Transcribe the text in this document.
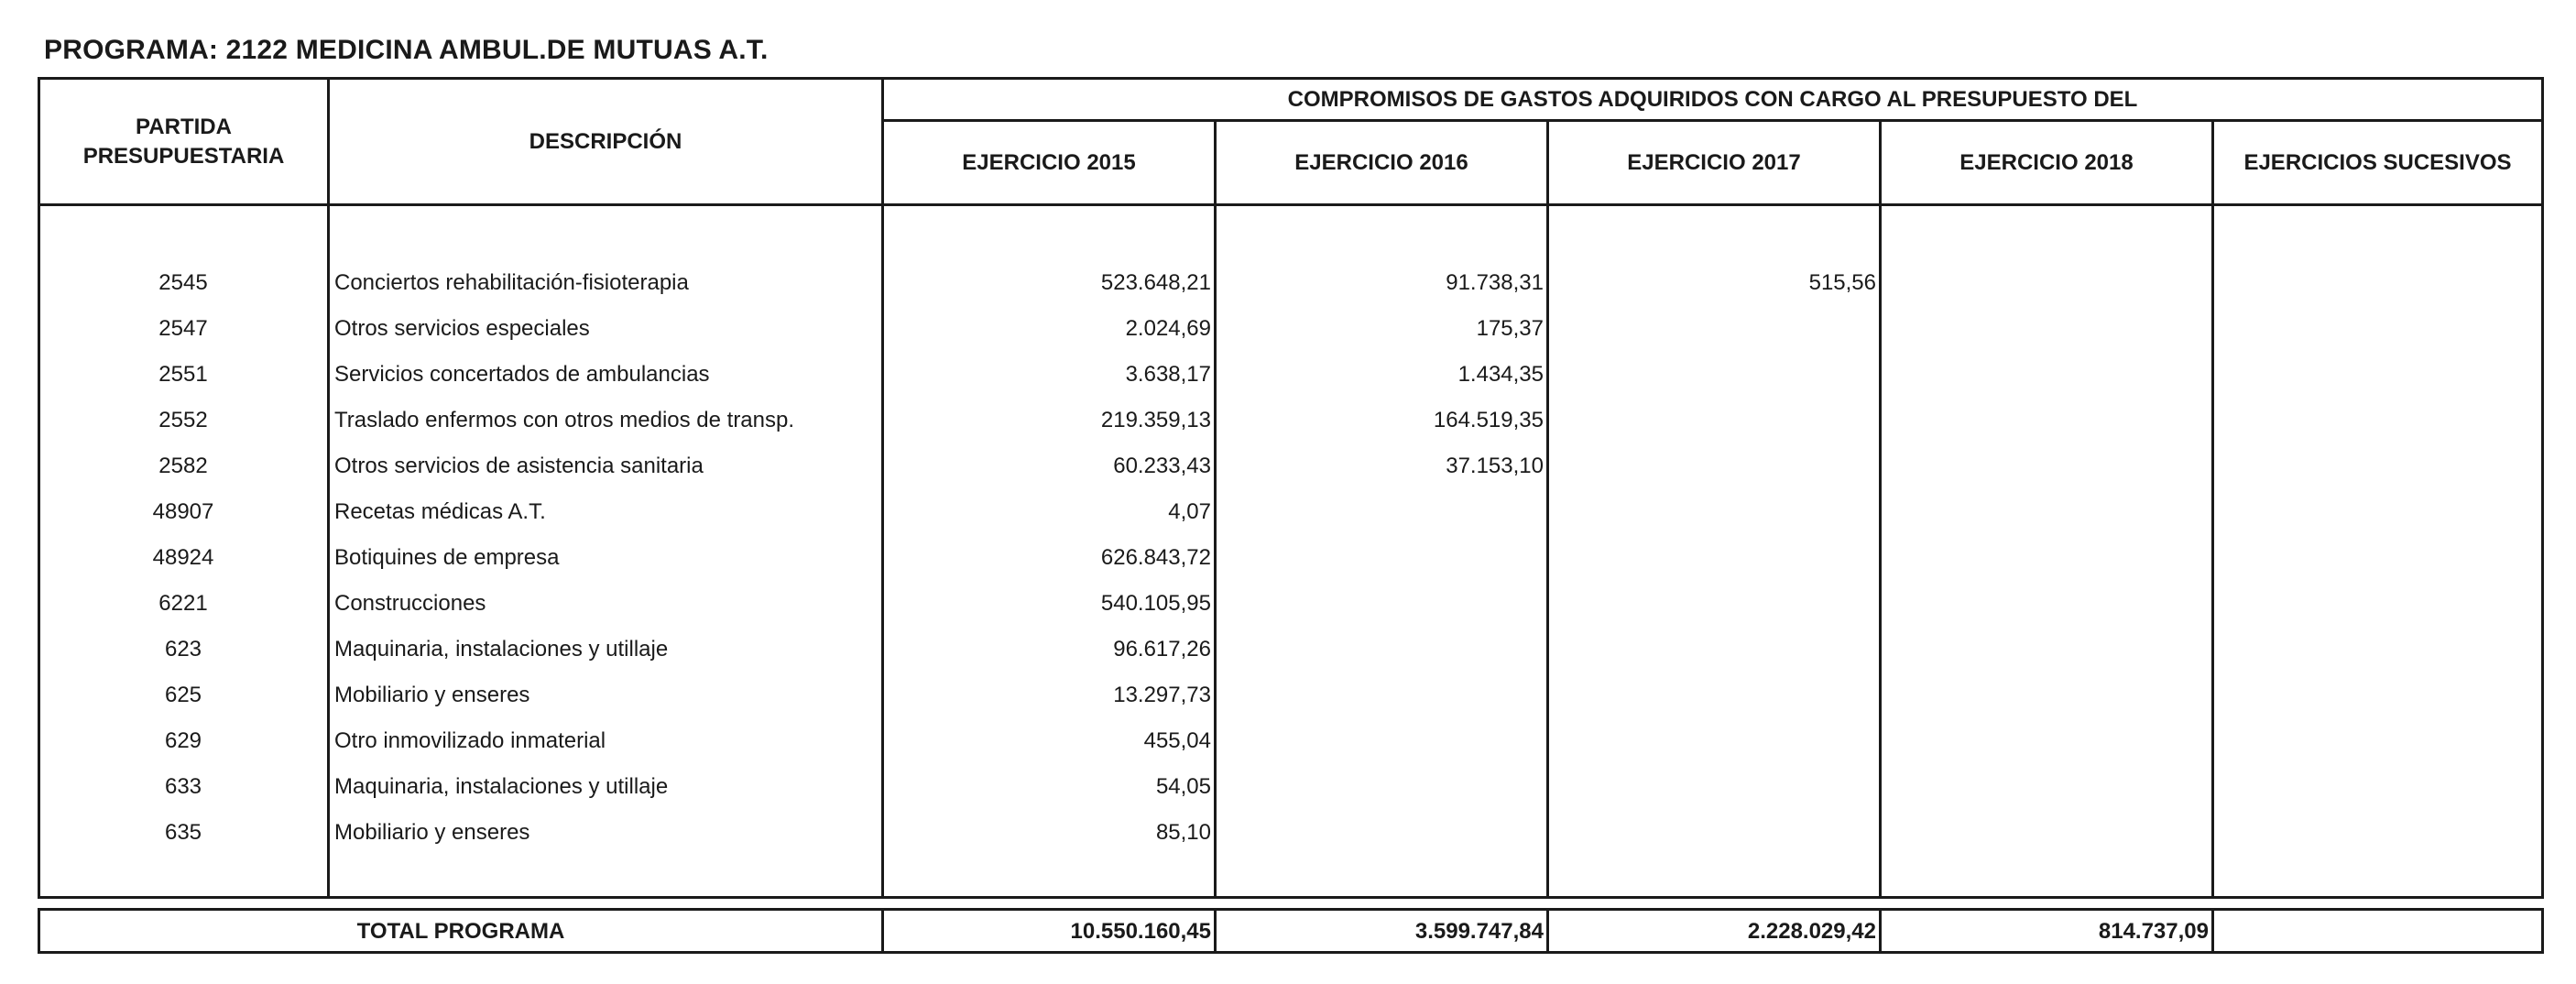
PROGRAMA: 2122 MEDICINA AMBUL.DE MUTUAS A.T.
PARTIDA
PRESUPUESTARIA
DESCRIPCIÓN
COMPROMISOS DE GASTOS ADQUIRIDOS CON CARGO AL PRESUPUESTO DEL
EJERCICIO 2015	EJERCICIO 2016	EJERCICIO 2017	EJERCICIO 2018	EJERCICIOS SUCESIVOS
2545	Conciertos rehabilitación-fisioterapia	523.648,21	91.738,31	515,56
2547	Otros servicios especiales	2.024,69	175,37
2551	Servicios concertados de ambulancias	3.638,17	1.434,35
2552	Traslado enfermos con otros medios de transp.	219.359,13	164.519,35
2582	Otros servicios de asistencia sanitaria	60.233,43	37.153,10
48907	Recetas médicas A.T.	4,07
48924	Botiquines de empresa	626.843,72
6221	Construcciones	540.105,95
623	Maquinaria, instalaciones y utillaje	96.617,26
625	Mobiliario y enseres	13.297,73
629	Otro inmovilizado inmaterial	455,04
633	Maquinaria, instalaciones y utillaje	54,05
635	Mobiliario y enseres	85,10
TOTAL PROGRAMA	10.550.160,45	3.599.747,84	2.228.029,42	814.737,09
